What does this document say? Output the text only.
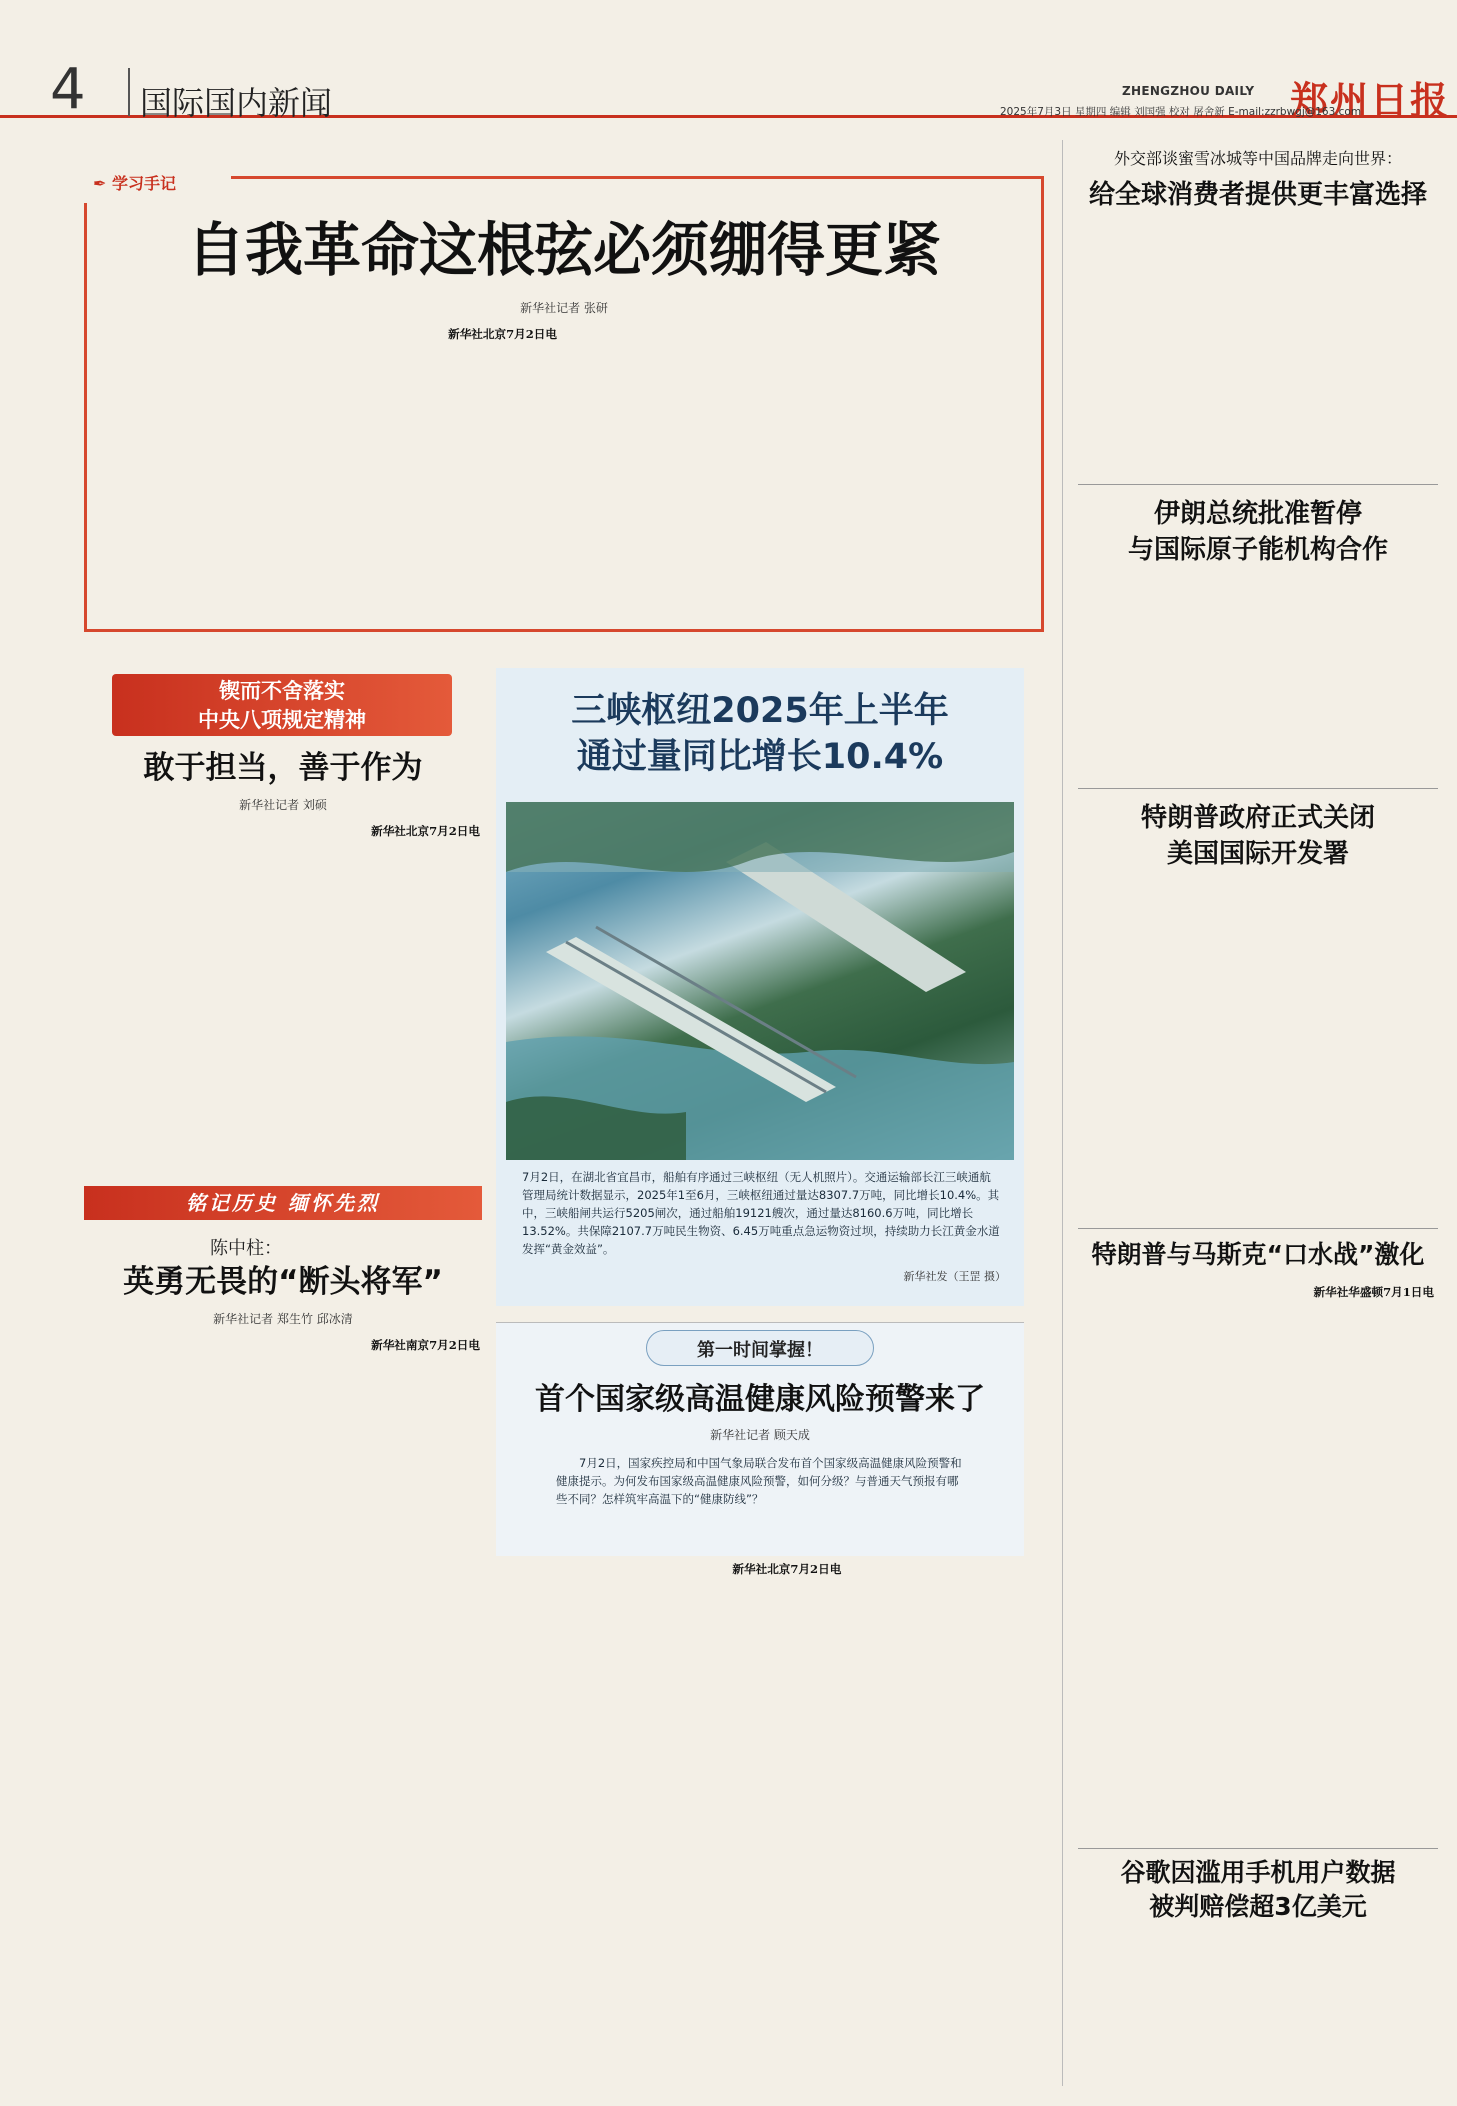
4 国际国内新闻	ZHENGZHOU DAILY 郑州日报
2025年7月3日 星期四 编辑 刘国强 校对 屠舍新 E-mail:zzrbwgj@163.com
✒ 学习手记
自我革命这根弦必须绷得更紧
新华社记者 张研

新华社北京7月2日电

锲而不舍落实
中央八项规定精神
敢于担当，善于作为
新华社记者 刘硕

新华社北京7月2日电

铭记历史 缅怀先烈
陈中柱：
英勇无畏的“断头将军”
新华社记者 郑生竹 邱冰清

新华社南京7月2日电

三峡枢纽2025年上半年
通过量同比增长10.4%
7月2日，在湖北省宜昌市，船舶有序通过三峡枢纽（无人机照片）。交通运输部长江三峡通航管理局统计数据显示，2025年1至6月，三峡枢纽通过量达8307.7万吨，同比增长10.4%。其中，三峡船闸共运行5205闸次，通过船舶19121艘次，通过量达8160.6万吨，同比增长13.52%。共保障2107.7万吨民生物资、6.45万吨重点急运物资过坝，持续助力长江黄金水道发挥“黄金效益”。
新华社发（王罡 摄）
第一时间掌握！
首个国家级高温健康风险预警来了
新华社记者 顾天成
7月2日，国家疾控局和中国气象局联合发布首个国家级高温健康风险预警和健康提示。为何发布国家级高温健康风险预警，如何分级？与普通天气预报有哪些不同？怎样筑牢高温下的“健康防线”？

新华社北京7月2日电

外交部谈蜜雪冰城等中国品牌走向世界：
给全球消费者提供更丰富选择

伊朗总统批准暂停
与国际原子能机构合作

特朗普政府正式关闭
美国国际开发署

特朗普与马斯克“口水战”激化

新华社华盛顿7月1日电

谷歌因滥用手机用户数据
被判赔偿超3亿美元
